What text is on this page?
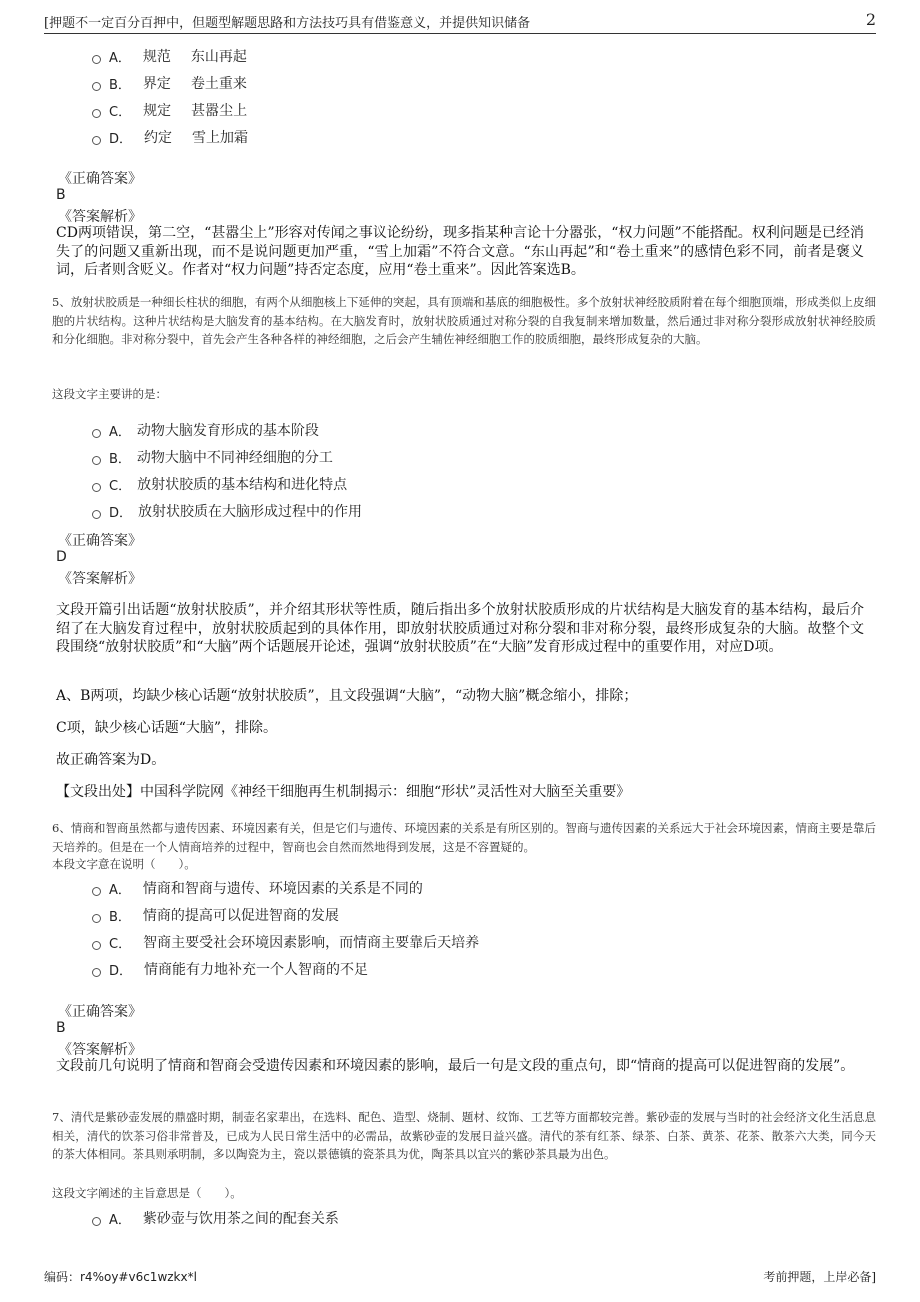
[押题不一定百分百押中，但题型解题思路和方法技巧具有借鉴意义，并提供知识储备	2
A． 规范 东山再起
B． 界定 卷土重来
C． 规定 甚嚣尘上
D． 约定 雪上加霜
《正确答案》
B
《答案解析》
CD两项错误，第二空，“甚嚣尘上”形容对传闻之事议论纷纷，现多指某种言论十分嚣张，“权力问题”不能搭配。权利问题是已经消失了的问题又重新出现，而不是说问题更加严重，“雪上加霜”不符合文意。“东山再起”和“卷土重来”的感情色彩不同，前者是褒义词，后者则含贬义。作者对“权力问题”持否定态度，应用“卷土重来”。因此答案选B。
5、放射状胶质是一种细长柱状的细胞，有两个从细胞核上下延伸的突起，具有顶端和基底的细胞极性。多个放射状神经胶质附着在每个细胞顶端，形成类似上皮细胞的片状结构。这种片状结构是大脑发育的基本结构。在大脑发育时，放射状胶质通过对称分裂的自我复制来增加数量，然后通过非对称分裂形成放射状神经胶质和分化细胞。非对称分裂中，首先会产生各种各样的神经细胞，之后会产生辅佐神经细胞工作的胶质细胞，最终形成复杂的大脑。
这段文字主要讲的是：
A． 动物大脑发育形成的基本阶段
B． 动物大脑中不同神经细胞的分工
C． 放射状胶质的基本结构和进化特点
D． 放射状胶质在大脑形成过程中的作用
《正确答案》
D
《答案解析》
文段开篇引出话题“放射状胶质”，并介绍其形状等性质，随后指出多个放射状胶质形成的片状结构是大脑发育的基本结构，最后介绍了在大脑发育过程中，放射状胶质起到的具体作用，即放射状胶质通过对称分裂和非对称分裂，最终形成复杂的大脑。故整个文段围绕“放射状胶质”和“大脑”两个话题展开论述，强调“放射状胶质”在“大脑”发育形成过程中的重要作用，对应D项。
A、B两项，均缺少核心话题“放射状胶质”，且文段强调“大脑”，“动物大脑”概念缩小，排除；
C项，缺少核心话题“大脑”，排除。
故正确答案为D。
【文段出处】中国科学院网《神经干细胞再生机制揭示：细胞“形状”灵活性对大脑至关重要》
6、情商和智商虽然都与遗传因素、环境因素有关，但是它们与遗传、环境因素的关系是有所区别的。智商与遗传因素的关系远大于社会环境因素，情商主要是靠后天培养的。但是在一个人情商培养的过程中，智商也会自然而然地得到发展，这是不容置疑的。
本段文字意在说明（　　）。
A． 情商和智商与遗传、环境因素的关系是不同的
B． 情商的提高可以促进智商的发展
C． 智商主要受社会环境因素影响，而情商主要靠后天培养
D． 情商能有力地补充一个人智商的不足
《正确答案》
B
《答案解析》
文段前几句说明了情商和智商会受遗传因素和环境因素的影响，最后一句是文段的重点句，即“情商的提高可以促进智商的发展”。
7、清代是紫砂壶发展的鼎盛时期，制壶名家辈出，在选料、配色、造型、烧制、题材、纹饰、工艺等方面都较完善。紫砂壶的发展与当时的社会经济文化生活息息相关，清代的饮茶习俗非常普及，已成为人民日常生活中的必需品，故紫砂壶的发展日益兴盛。清代的茶有红茶、绿茶、白茶、黄茶、花茶、散茶六大类，同今天的茶大体相同。茶具则承明制，多以陶瓷为主，瓷以景德镇的瓷茶具为优，陶茶具以宜兴的紫砂茶具最为出色。
这段文字阐述的主旨意思是（　　）。
A． 紫砂壶与饮用茶之间的配套关系
编码：r4%oy#v6c1wzkx*l	考前押题，上岸必备]
